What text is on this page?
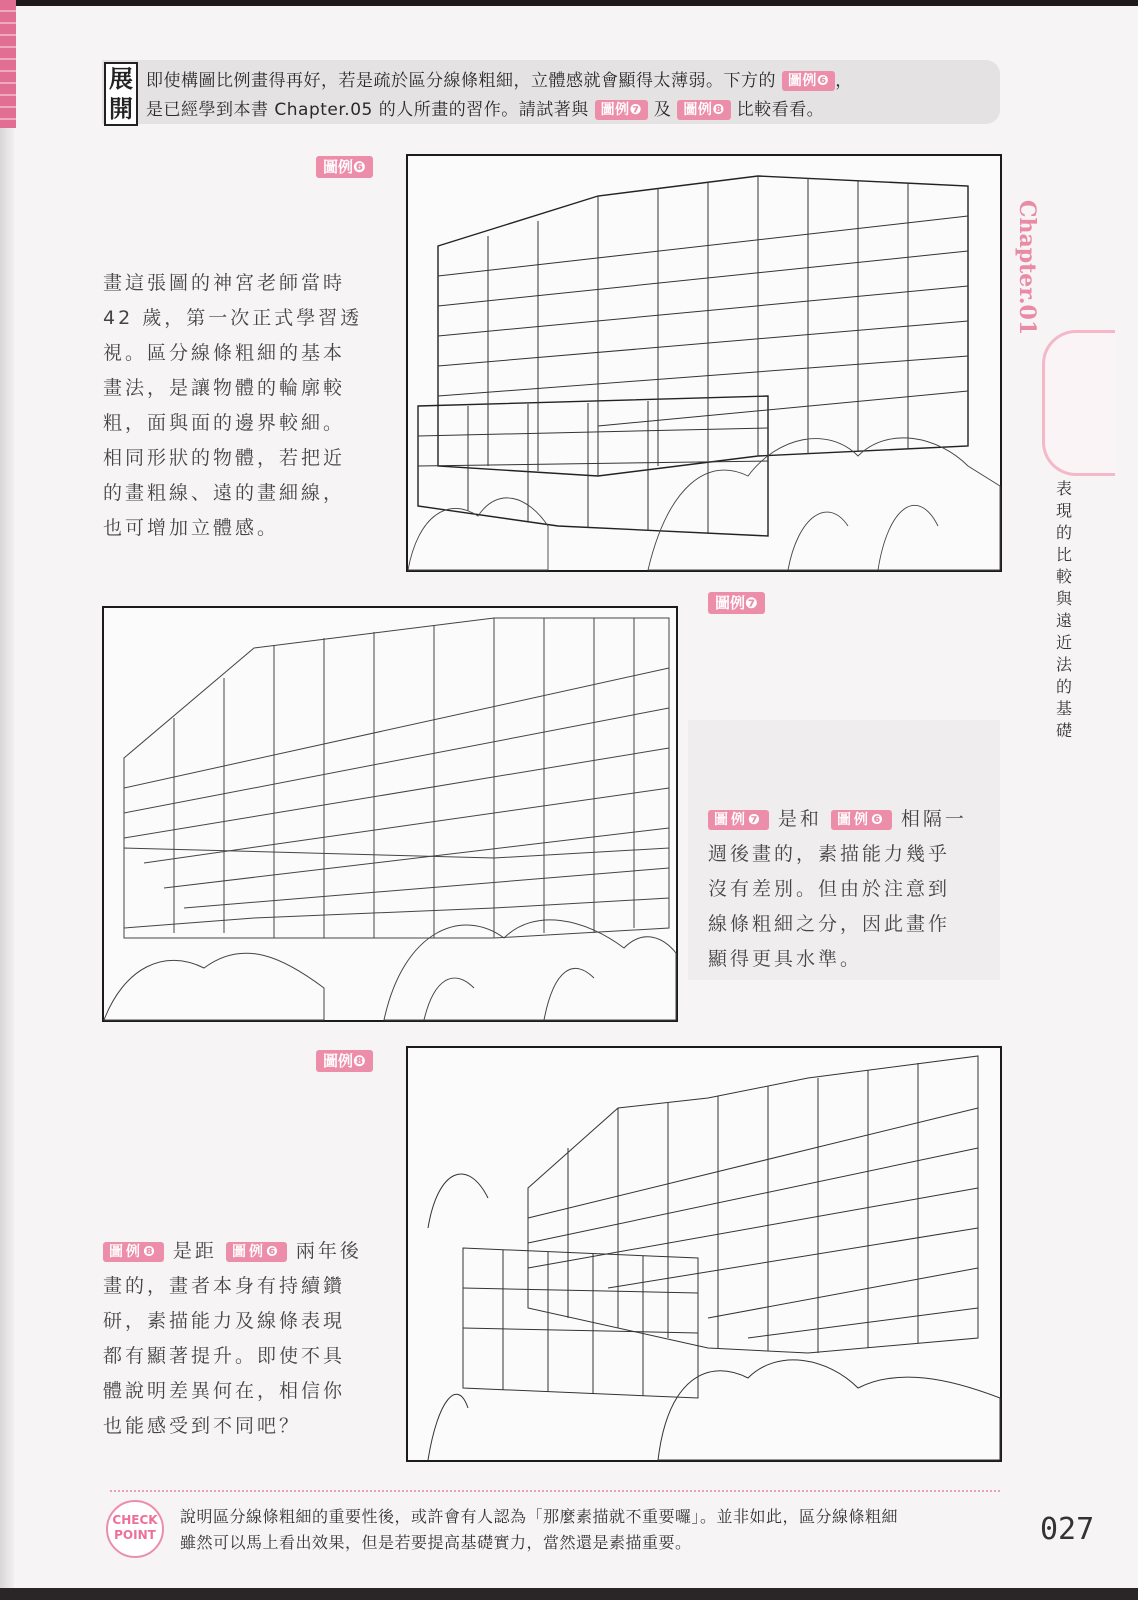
展
開
即使構圖比例畫得再好，若是疏於區分線條粗細，立體感就會顯得太薄弱。下方的 圖例❻ ，
是已經學到本書 Chapter.05 的人所畫的習作。請試著與 圖例❼ 及 圖例❽ 比較看看。
圖例❻
畫這張圖的神宮老師當時
42 歲，第一次正式學習透
視。區分線條粗細的基本
畫法，是讓物體的輪廓較
粗，面與面的邊界較細。
相同形狀的物體，若把近
的畫粗線、遠的畫細線，
也可增加立體感。
圖例❼
圖例❼ 是和 圖例❻ 相隔一
週後畫的，素描能力幾乎
沒有差別。但由於注意到
線條粗細之分，因此畫作
顯得更具水準。
圖例❽
圖例❽ 是距 圖例❻ 兩年後
畫的，畫者本身有持續鑽
研，素描能力及線條表現
都有顯著提升。即使不具
體說明差異何在，相信你
也能感受到不同吧？
Chapter.01
表
現
的
比
較
與
遠
近
法
的
基
礎
CHECK
POINT
說明區分線條粗細的重要性後，或許會有人認為「那麼素描就不重要囉」。並非如此，區分線條粗細
雖然可以馬上看出效果，但是若要提高基礎實力，當然還是素描重要。	027
